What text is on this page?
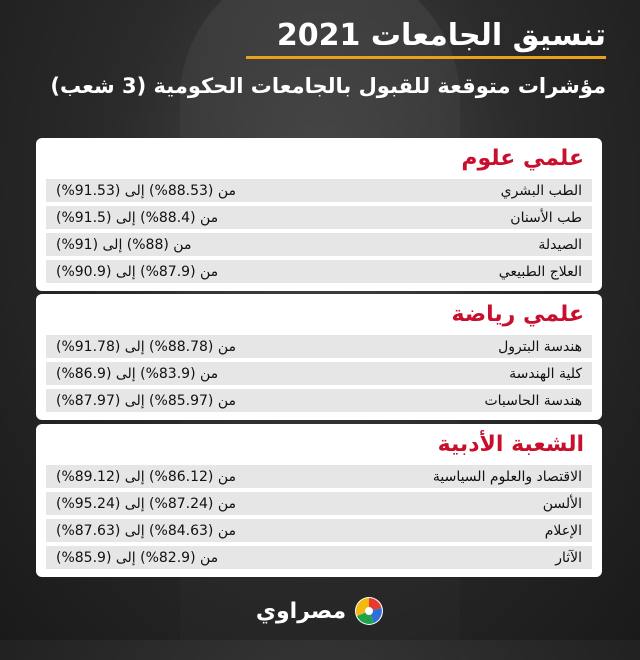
تنسيق الجامعات 2021
مؤشرات متوقعة للقبول بالجامعات الحكومية (3 شعب)
علمي علوم
الطب البشري
من (88.53%) إلى (91.53%)
طب الأسنان
من (88.4%) إلى (91.5%)
الصيدلة
من (88%) إلى (91%)
العلاج الطبيعي
من (87.9%) إلى (90.9%)
علمي رياضة
هندسة البترول
من (88.78%) إلى (91.78%)
كلية الهندسة
من (83.9%) إلى (86.9%)
هندسة الحاسبات
من (85.97%) إلى (87.97%)
الشعبة الأدبية
الاقتصاد والعلوم السياسية
من (86.12%) إلى (89.12%)
الألسن
من (87.24%) إلى (95.24%)
الإعلام
من (84.63%) إلى (87.63%)
الآثار
من (82.9%) إلى (85.9%)
مصراوي
